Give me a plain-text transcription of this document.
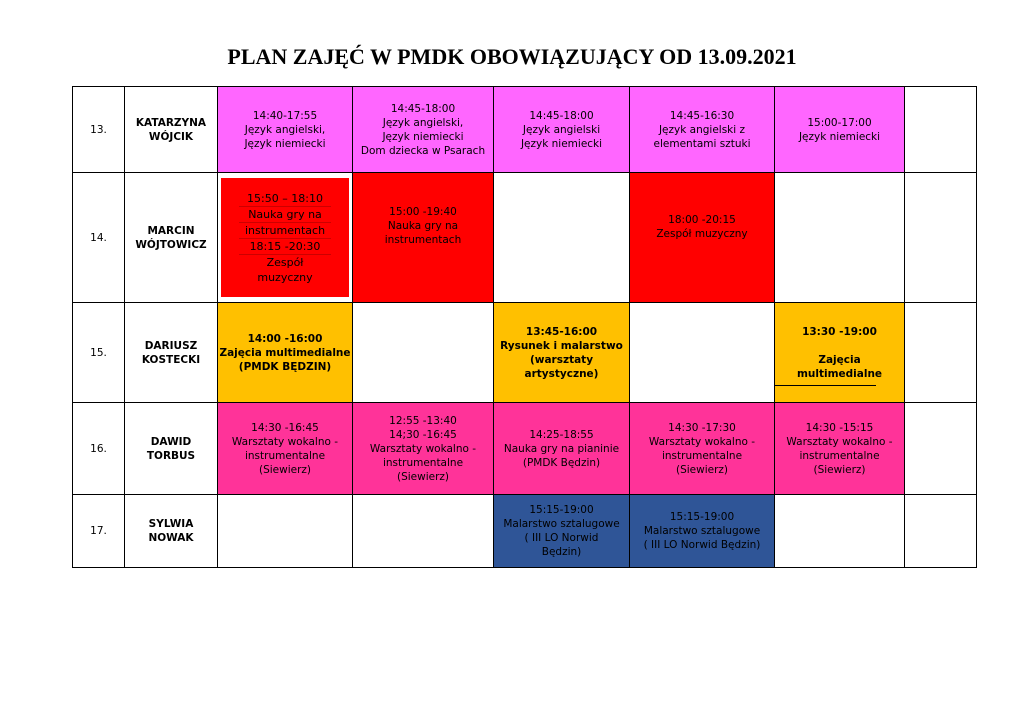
PLAN ZAJĘĆ W PMDK OBOWIĄZUJĄCY OD 13.09.2021
13.	KATARZYNA
WÓJCIK	14:40-17:55
Język angielski,
Język niemiecki	14:45-18:00
Język angielski,
Język niemiecki
Dom dziecka w Psarach	14:45-18:00
Język angielski
Język niemiecki	14:45-16:30
Język angielski z
elementami sztuki	15:00-17:00
Język niemiecki	

14.	MARCIN
WÓJTOWICZ	15:50 – 18:10
Nauka gry na
instrumentach
18:15 -20:30
Zespół muzyczny	15:00 -19:40
Nauka gry na
instrumentach		18:00 -20:15
Zespół muzyczny		

15.	DARIUSZ
KOSTECKI	14:00 -16:00
Zajęcia multimedialne
(PMDK BĘDZIN)		13:45-16:00
Rysunek i malarstwo
(warsztaty
artystyczne)		13:30 -19:00

Zajęcia multimedialne	

16.	DAWID
TORBUS	14:30 -16:45
Warsztaty wokalno -
instrumentalne
(Siewierz)	12:55 -13:40
14;30 -16:45
Warsztaty wokalno -
instrumentalne
(Siewierz)	14:25-18:55
Nauka gry na pianinie
(PMDK Będzin)	14:30 -17:30
Warsztaty wokalno -
instrumentalne
(Siewierz)	14:30 -15:15
Warsztaty wokalno -
instrumentalne
(Siewierz)	

17.	SYLWIA
NOWAK			15:15-19:00
Malarstwo sztalugowe
( III LO Norwid
Będzin)	15:15-19:00
Malarstwo sztalugowe
( III LO Norwid Będzin)		
